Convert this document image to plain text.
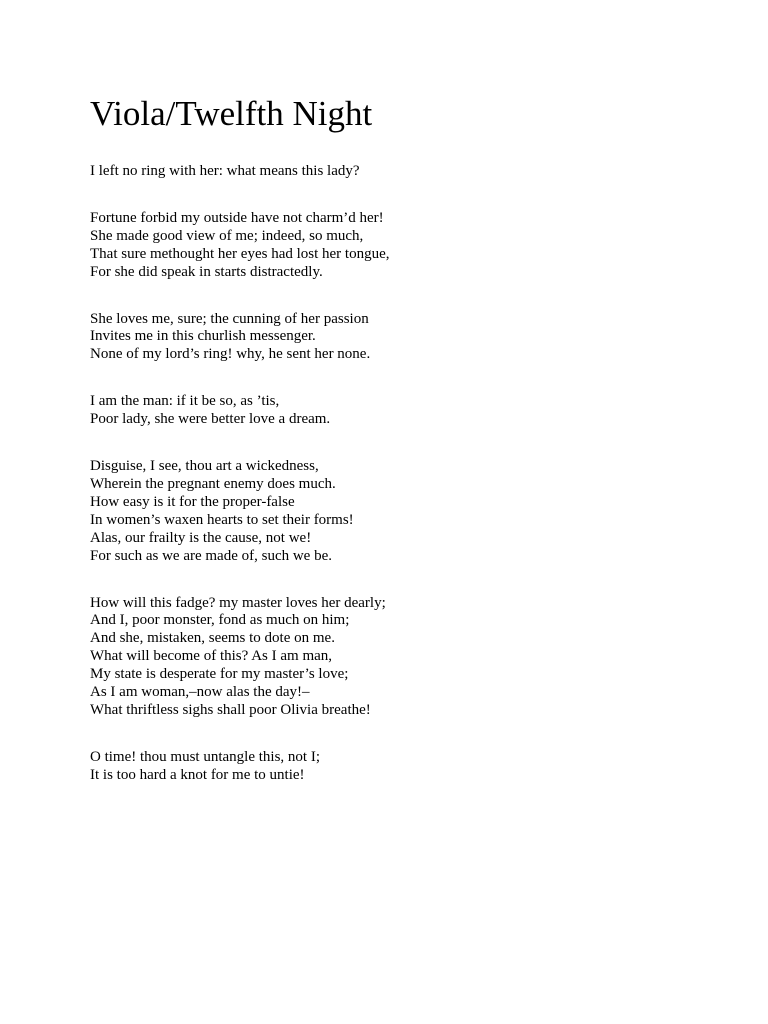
Viola/Twelfth Night
I left no ring with her: what means this lady?
Fortune forbid my outside have not charm’d her!
She made good view of me; indeed, so much,
That sure methought her eyes had lost her tongue,
For she did speak in starts distractedly.
She loves me, sure; the cunning of her passion
Invites me in this churlish messenger.
None of my lord’s ring! why, he sent her none.
I am the man: if it be so, as ’tis,
Poor lady, she were better love a dream.
Disguise, I see, thou art a wickedness,
Wherein the pregnant enemy does much.
How easy is it for the proper-false
In women’s waxen hearts to set their forms!
Alas, our frailty is the cause, not we!
For such as we are made of, such we be.
How will this fadge? my master loves her dearly;
And I, poor monster, fond as much on him;
And she, mistaken, seems to dote on me.
What will become of this? As I am man,
My state is desperate for my master’s love;
As I am woman,–now alas the day!–
What thriftless sighs shall poor Olivia breathe!
O time! thou must untangle this, not I;
It is too hard a knot for me to untie!
